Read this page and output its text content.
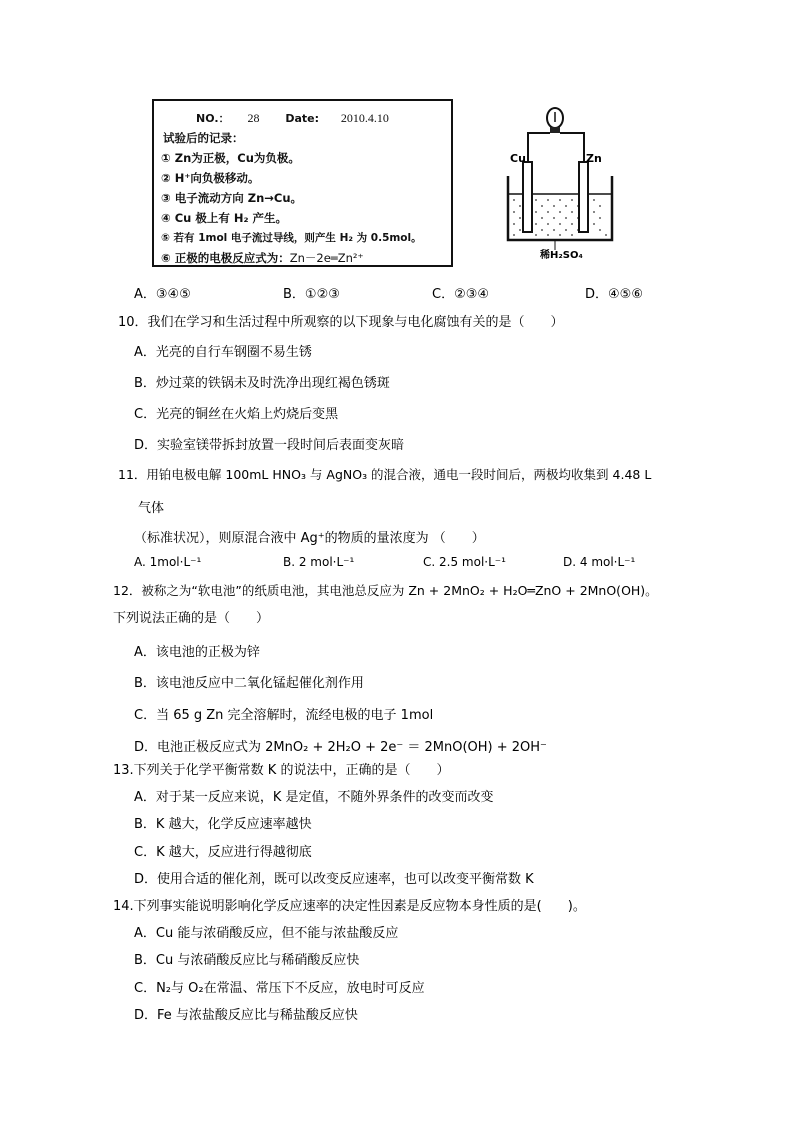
NO.： 28 Date: 2010.4.10
试验后的记录：
① Zn为正极，Cu为负极。
② H⁺向负极移动。
③ 电子流动方向 Zn→Cu。
④ Cu 极上有 H₂ 产生。
⑤ 若有 1mol 电子流过导线，则产生 H₂ 为 0.5mol。
⑥ 正极的电极反应式为：Zn－2e═Zn²⁺
Cu	Zn
稀H₂SO₄
A．③④⑤	B．①②③	C．②③④	D．④⑤⑥
10．我们在学习和生活过程中所观察的以下现象与电化腐蚀有关的是（　　）
A．光亮的自行车钢圈不易生锈
B．炒过菜的铁锅未及时洗净出现红褐色锈斑
C．光亮的铜丝在火焰上灼烧后变黑
D．实验室镁带拆封放置一段时间后表面变灰暗
11．用铂电极电解 100mL HNO₃ 与 AgNO₃ 的混合液，通电一段时间后，两极均收集到 4.48 L
气体
（标准状况），则原混合液中 Ag⁺的物质的量浓度为 （　　）
A. 1mol·L⁻¹	B. 2 mol·L⁻¹	C. 2.5 mol·L⁻¹	D. 4 mol·L⁻¹
12．被称之为“软电池”的纸质电池，其电池总反应为 Zn + 2MnO₂ + H₂O═ZnO + 2MnO(OH)。
下列说法正确的是（　　）
A．该电池的正极为锌
B．该电池反应中二氧化锰起催化剂作用
C．当 65 g Zn 完全溶解时，流经电极的电子 1mol
D．电池正极反应式为 2MnO₂ + 2H₂O + 2e⁻ ＝ 2MnO(OH) + 2OH⁻
13.下列关于化学平衡常数 K 的说法中，正确的是（　　）
A．对于某一反应来说，K 是定值，不随外界条件的改变而改变
B．K 越大，化学反应速率越快
C．K 越大，反应进行得越彻底
D．使用合适的催化剂，既可以改变反应速率，也可以改变平衡常数 K
14.下列事实能说明影响化学反应速率的决定性因素是反应物本身性质的是(　　)。
A．Cu 能与浓硝酸反应，但不能与浓盐酸反应
B．Cu 与浓硝酸反应比与稀硝酸反应快
C．N₂与 O₂在常温、常压下不反应，放电时可反应
D．Fe 与浓盐酸反应比与稀盐酸反应快
